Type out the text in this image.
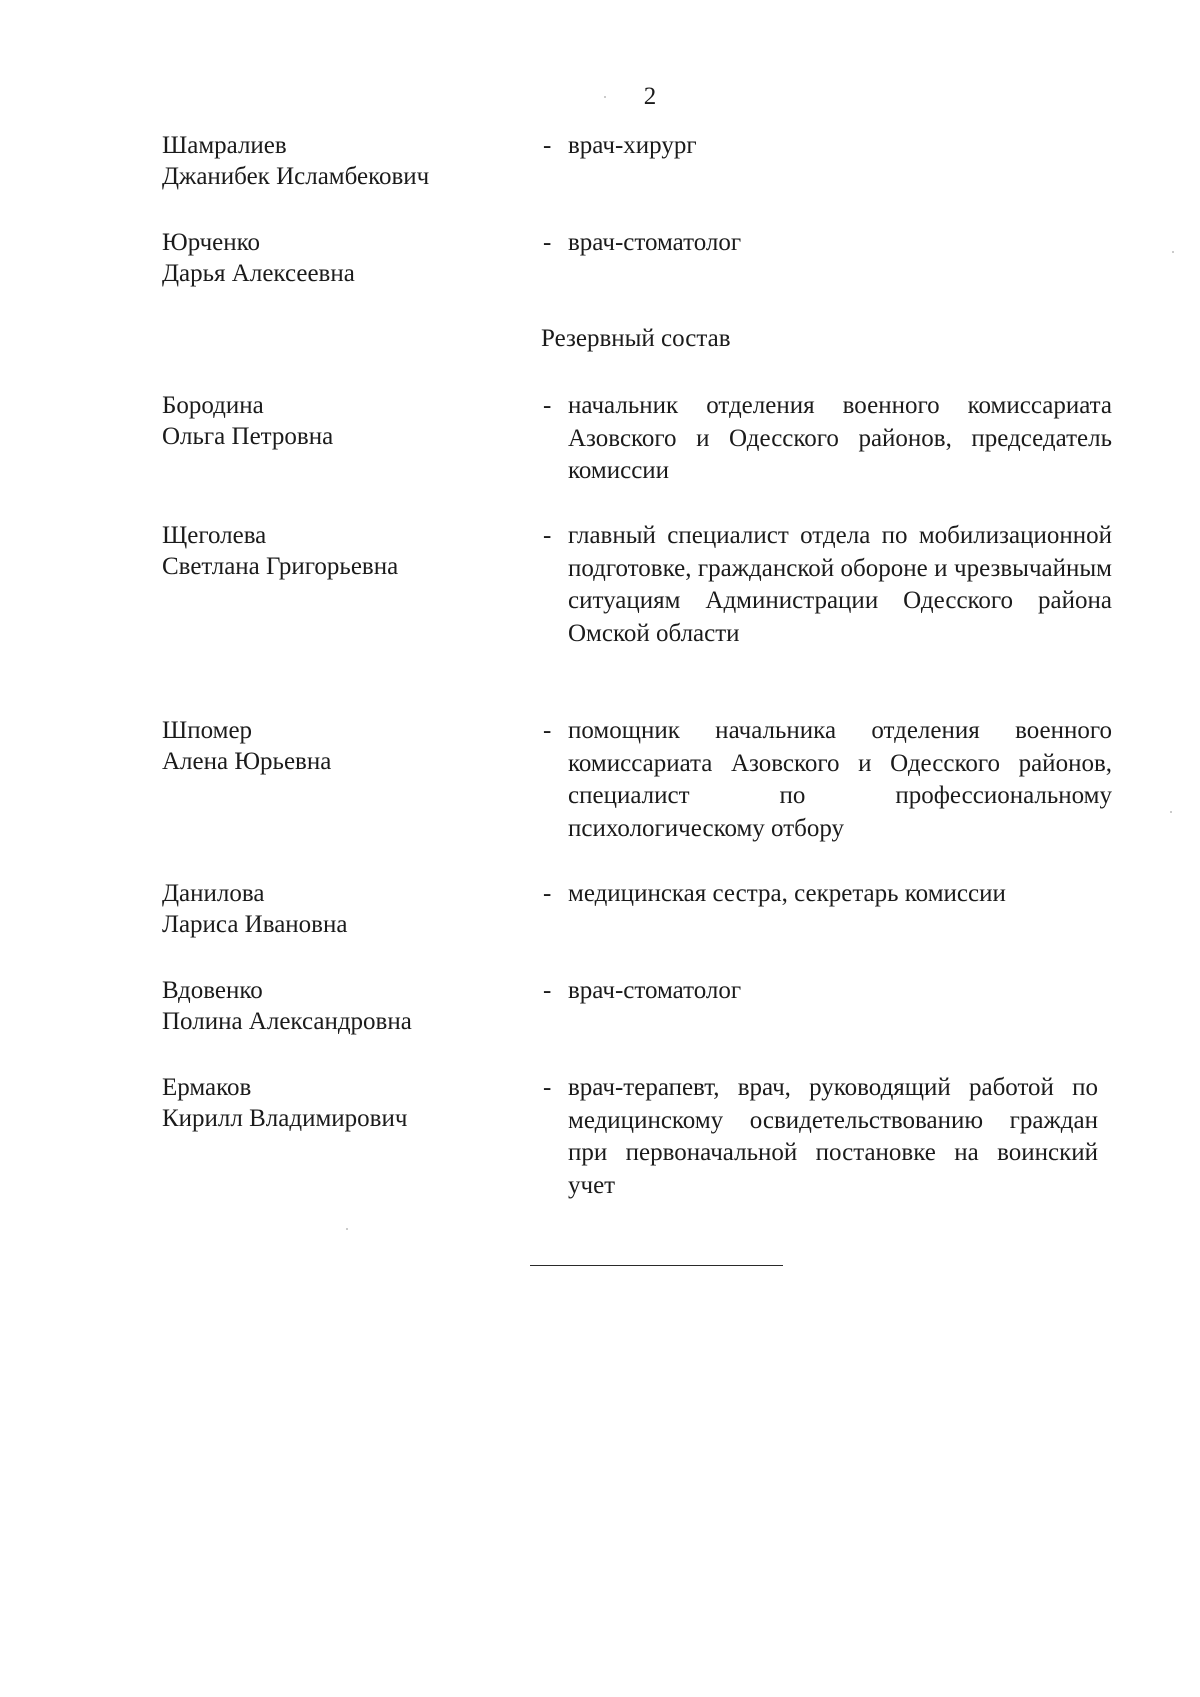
2
Шамралиев
Джанибек Исламбекович
- врач-хирург
Юрченко
Дарья Алексеевна
- врач-стоматолог
Резервный состав
Бородина
Ольга Петровна
- начальник отделения военного комиссариата Азовского и Одесского районов, председатель комиссии
Щеголева
Светлана Григорьевна
- главный специалист отдела по мобилизационной подготовке, гражданской обороне и чрезвычайным ситуациям Администрации Одесского района Омской области
Шпомер
Алена Юрьевна
- помощник начальника отделения военного комиссариата Азовского и Одесского районов, специалист по профессиональному психологическому отбору
Данилова
Лариса Ивановна
- медицинская сестра, секретарь комиссии
Вдовенко
Полина Александровна
- врач-стоматолог
Ермаков
Кирилл Владимирович
- врач-терапевт, врач, руководящий работой по медицинскому освидетельствованию граждан при первоначальной постановке на воинский учет
